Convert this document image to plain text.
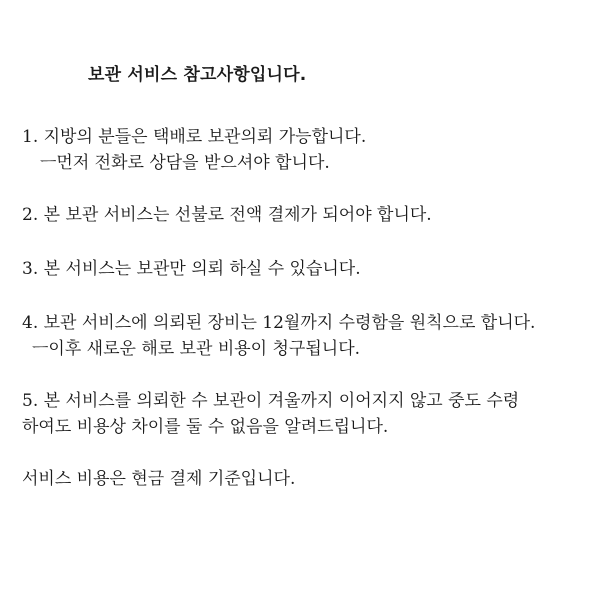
보관 서비스 참고사항입니다.
1. 지방의 분들은 택배로 보관의뢰 가능합니다.
ㅡ먼저 전화로 상담을 받으셔야 합니다.
2. 본 보관 서비스는 선불로 전액 결제가 되어야 합니다.
3. 본 서비스는 보관만 의뢰 하실 수 있습니다.
4. 보관 서비스에 의뢰된 장비는 12월까지 수령함을 원칙으로 합니다.
ㅡ이후 새로운 해로 보관 비용이 청구됩니다.
5. 본 서비스를 의뢰한 수 보관이 겨울까지 이어지지 않고 중도 수령
하여도 비용상 차이를 둘 수 없음을 알려드립니다.
서비스 비용은 현금 결제 기준입니다.
